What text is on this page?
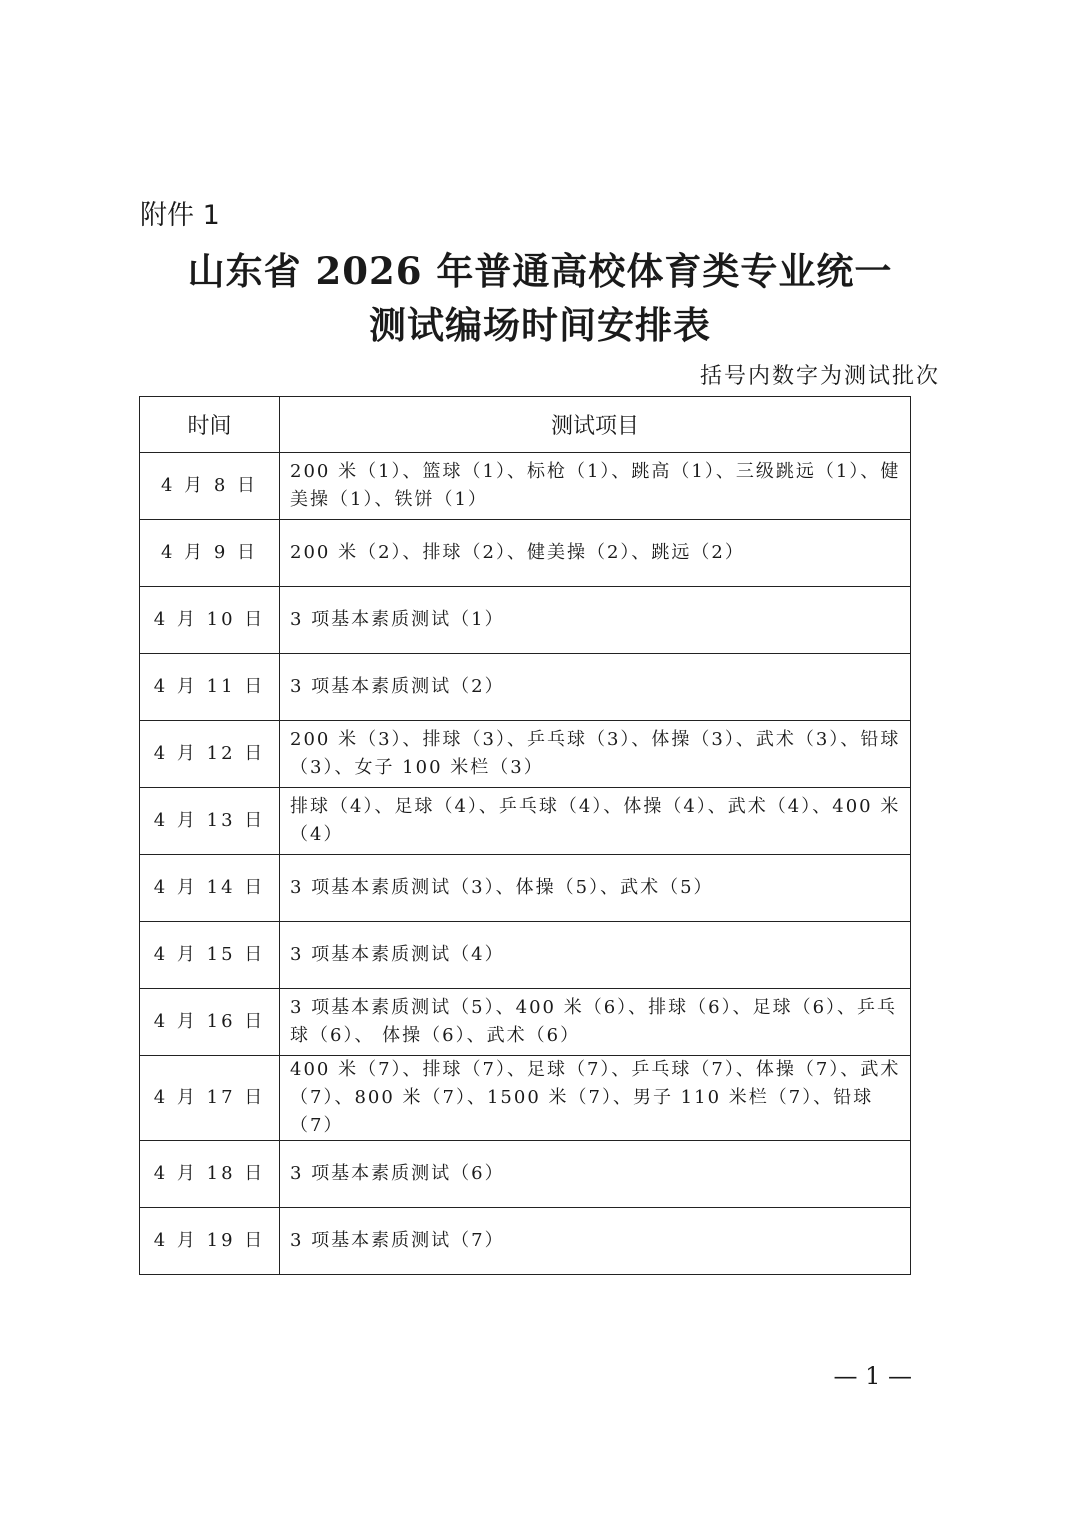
附件 1
山东省 2026 年普通高校体育类专业统一
测试编场时间安排表
括号内数字为测试批次
时间	测试项目
4 月 8 日	200 米（1）、篮球（1）、标枪（1）、跳高（1）、三级跳远（1）、健美操（1）、铁饼（1）
4 月 9 日	200 米（2）、排球（2）、健美操（2）、跳远（2）
4 月 10 日	3 项基本素质测试（1）
4 月 11 日	3 项基本素质测试（2）
4 月 12 日	200 米（3）、排球（3）、乒乓球（3）、体操（3）、武术（3）、铅球（3）、女子 100 米栏（3）
4 月 13 日	排球（4）、足球（4）、乒乓球（4）、体操（4）、武术（4）、400 米（4）
4 月 14 日	3 项基本素质测试（3）、体操（5）、武术（5）
4 月 15 日	3 项基本素质测试（4）
4 月 16 日	3 项基本素质测试（5）、400 米（6）、排球（6）、足球（6）、乒乓球（6）、 体操（6）、武术（6）
4 月 17 日	400 米（7）、排球（7）、足球（7）、乒乓球（7）、体操（7）、武术（7）、800 米（7）、1500 米（7）、男子 110 米栏（7）、铅球（7）
4 月 18 日	3 项基本素质测试（6）
4 月 19 日	3 项基本素质测试（7）
— 1 —
